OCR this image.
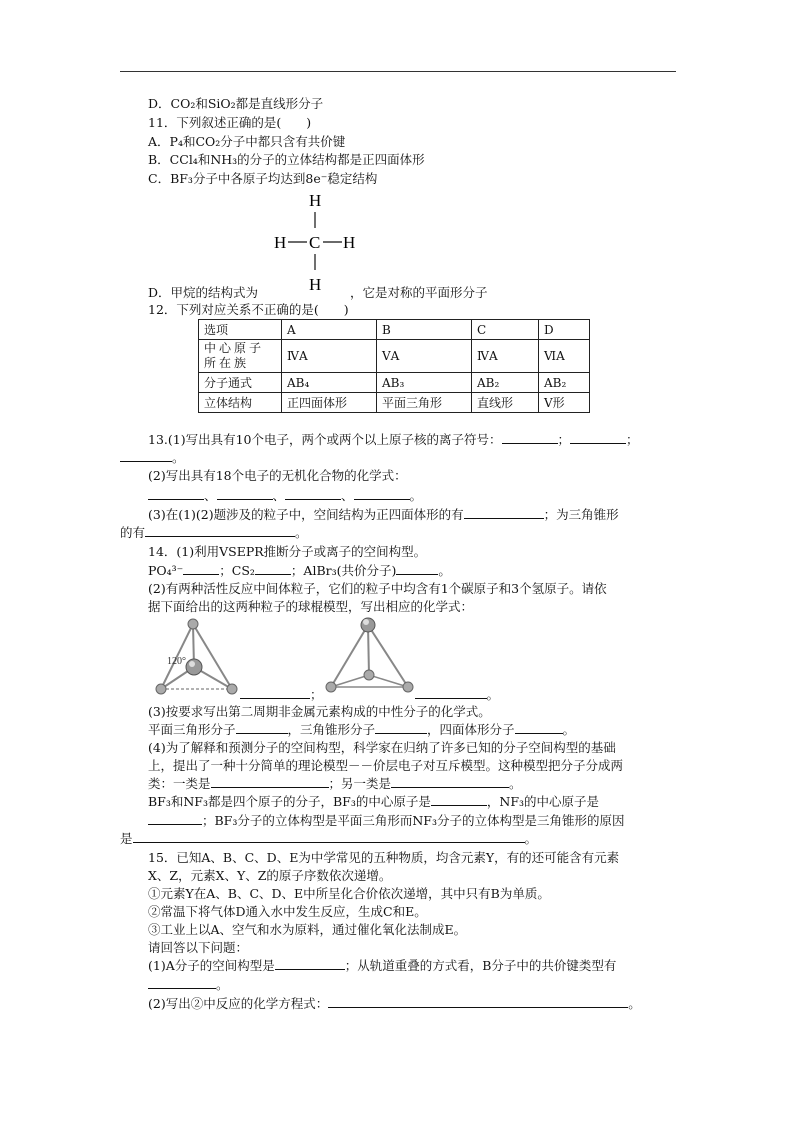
D．CO₂和SiO₂都是直线形分子
11．下列叙述正确的是(　　)
A．P₄和CO₂分子中都只含有共价键
B．CCl₄和NH₃的分子的立体结构都是正四面体形
C．BF₃分子中各原子均达到8e⁻稳定结构
H
H C H
H
D．甲烷的结构式为	，它是对称的平面形分子
12．下列对应关系不正确的是(　　)
选项	A	B	C	D
中心原子所在族	ⅣA	ⅤA	ⅣA	ⅥA
分子通式	AB₄	AB₃	AB₂	AB₂
立体结构	正四面体形	平面三角形	直线形	V形
13.(1)写出具有10个电子，两个或两个以上原子核的离子符号：	；	；
。
(2)写出具有18个电子的无机化合物的化学式：
、	、	、	。
(3)在(1)(2)题涉及的粒子中，空间结构为正四面体形的有	；为三角锥形
的有	。
14．(1)利用VSEPR推断分子或离子的空间构型。
PO₄³⁻	；CS₂	；AlBr₃(共价分子)	。
(2)有两种活性反应中间体粒子，它们的粒子中均含有1个碳原子和3个氢原子。请依
据下面给出的这两种粒子的球棍模型，写出相应的化学式：
120°
；	。
(3)按要求写出第二周期非金属元素构成的中性分子的化学式。
平面三角形分子	，三角锥形分子	，四面体形分子	。
(4)为了解释和预测分子的空间构型，科学家在归纳了许多已知的分子空间构型的基础
上，提出了一种十分简单的理论模型－－价层电子对互斥模型。这种模型把分子分成两
类：一类是	；另一类是	。
BF₃和NF₃都是四个原子的分子，BF₃的中心原子是	，NF₃的中心原子是
；BF₃分子的立体构型是平面三角形而NF₃分子的立体构型是三角锥形的原因
是	。
15．已知A、B、C、D、E为中学常见的五种物质，均含元素Y，有的还可能含有元素
X、Z，元素X、Y、Z的原子序数依次递增。
①元素Y在A、B、C、D、E中所呈化合价依次递增，其中只有B为单质。
②常温下将气体D通入水中发生反应，生成C和E。
③工业上以A、空气和水为原料，通过催化氧化法制成E。
请回答以下问题：
(1)A分子的空间构型是	；从轨道重叠的方式看，B分子中的共价键类型有
。
(2)写出②中反应的化学方程式：	。
